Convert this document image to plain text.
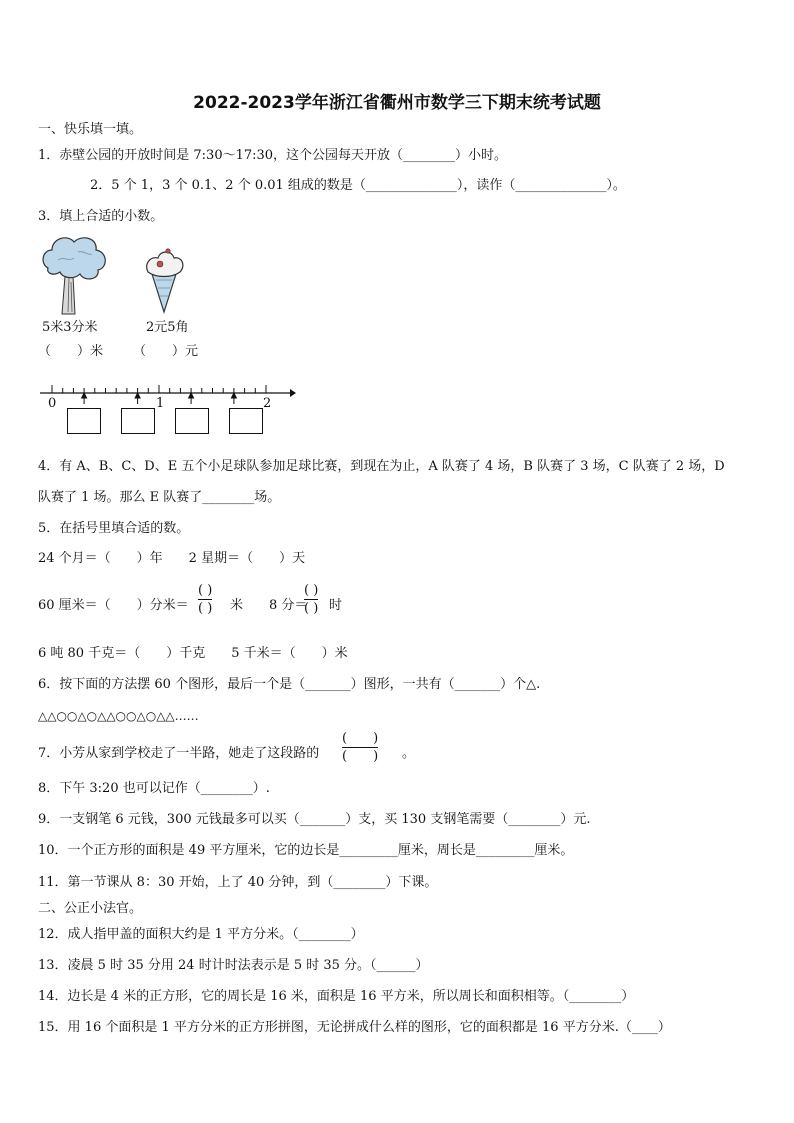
2022-2023学年浙江省衢州市数学三下期末统考试题
一、快乐填一填。
1．赤壁公园的开放时间是 7:30～17:30，这个公园每天开放（________）小时。
2．5 个 1，3 个 0.1、2 个 0.01 组成的数是（______________），读作（______________）。
3．填上合适的小数。
5米3分米	2元5角
（　　）米 （　　）元
0	1	2
4．有 A、B、C、D、E 五个小足球队参加足球比赛，到现在为止，A 队赛了 4 场，B 队赛了 3 场，C 队赛了 2 场，D
队赛了 1 场。那么 E 队赛了________场。
5．在括号里填合适的数。
24 个月＝（　　）年　　2 星期＝（　　）天
60 厘米＝（　　）分米＝
( )
( ) 米　　8 分＝
( )
( ) 时
6 吨 80 千克＝（　　）千克　　5 千米＝（　　）米
6．按下面的方法摆 60 个图形，最后一个是（_______）图形，一共有（_______）个△.
△△○○△○△△○○△○△△……
7．小芳从家到学校走了一半路，她走了这段路的
(　　)
(　　) 。
8．下午 3:20 也可以记作（________）.
9．一支钢笔 6 元钱，300 元钱最多可以买（_______）支，买 130 支钢笔需要（________）元.
10．一个正方形的面积是 49 平方厘米，它的边长是_________厘米，周长是_________厘米。
11．第一节课从 8：30 开始，上了 40 分钟，到（________）下课。
二、公正小法官。
12．成人指甲盖的面积大约是 1 平方分米。（________）
13．凌晨 5 时 35 分用 24 时计时法表示是 5 时 35 分。（______）
14．边长是 4 米的正方形，它的周长是 16 米，面积是 16 平方米，所以周长和面积相等。（________）
15．用 16 个面积是 1 平方分米的正方形拼图，无论拼成什么样的图形，它的面积都是 16 平方分米.（____）
